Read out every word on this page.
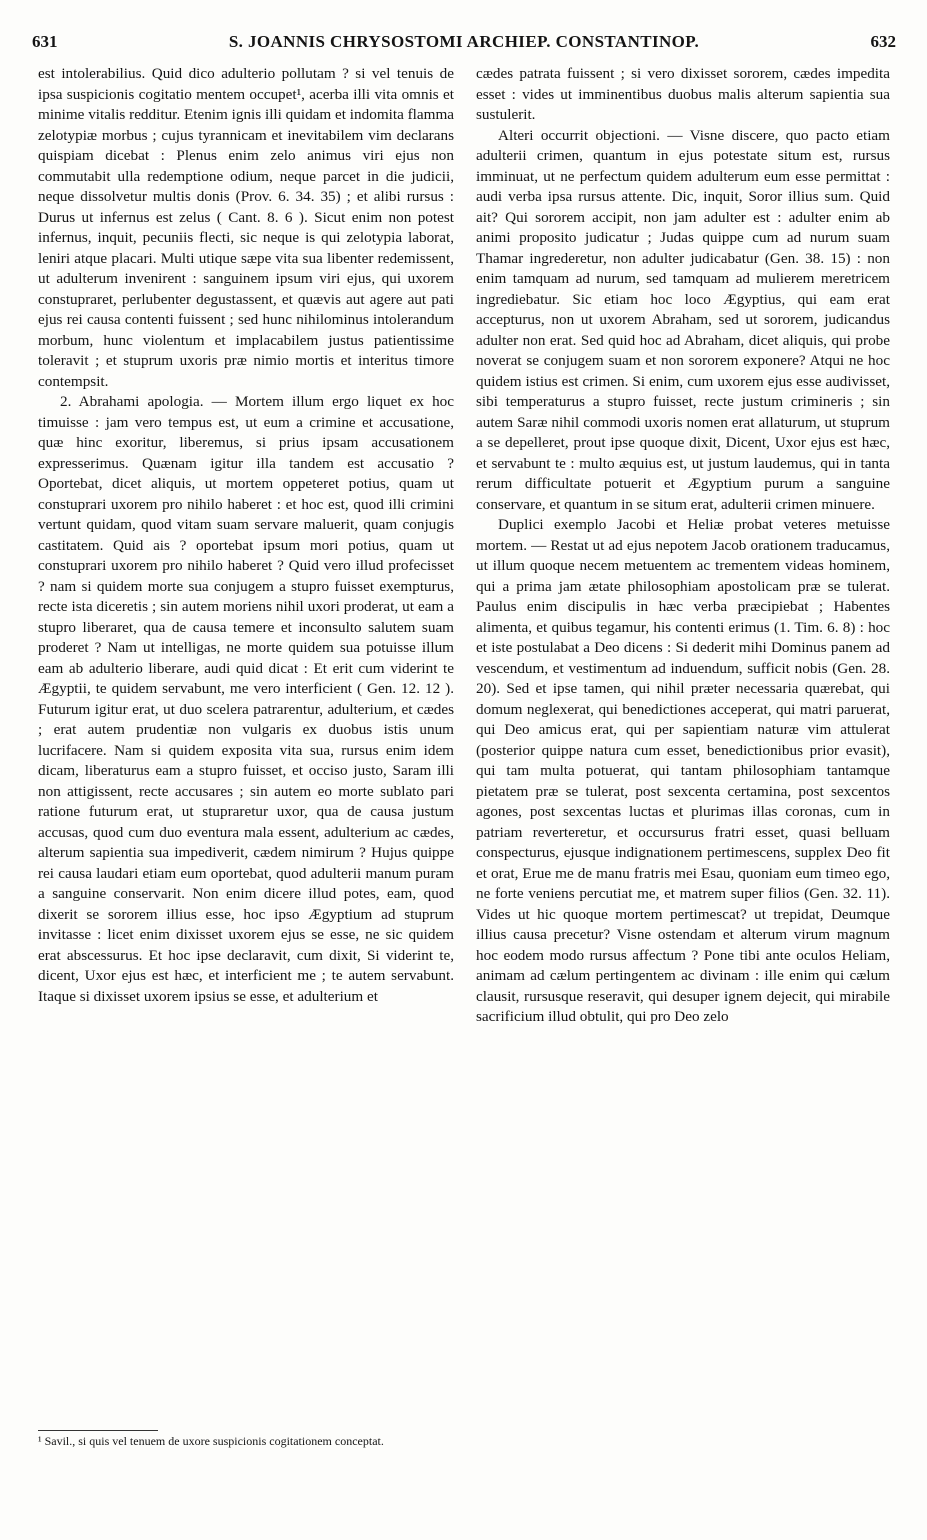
631	S. JOANNIS CHRYSOSTOMI ARCHIEP. CONSTANTINOP.	632

est intolerabilius. Quid dico adulterio pollutam ? si vel tenuis de ipsa suspicionis cogitatio mentem occupet¹, acerba illi vita omnis et minime vitalis redditur. Etenim ignis illi quidam et indomita flamma zelotypiæ morbus ; cujus tyrannicam et inevitabilem vim declarans quispiam dicebat : Plenus enim zelo animus viri ejus non commutabit ulla redemptione odium, neque parcet in die judicii, neque dissolvetur multis donis (Prov. 6. 34. 35) ; et alibi rursus : Durus ut infernus est zelus ( Cant. 8. 6 ). Sicut enim non potest infernus, inquit, pecuniis flecti, sic neque is qui zelotypia laborat, leniri atque placari. Multi utique sæpe vita sua libenter redemissent, ut adulterum invenirent : sanguinem ipsum viri ejus, qui uxorem constupraret, perlubenter degustassent, et quævis aut agere aut pati ejus rei causa contenti fuissent ; sed hunc nihilominus intolerandum morbum, hunc violentum et implacabilem justus patientissime toleravit ; et stuprum uxoris præ nimio mortis et interitus timore contempsit.

2. Abrahami apologia. — Mortem illum ergo liquet ex hoc timuisse : jam vero tempus est, ut eum a crimine et accusatione, quæ hinc exoritur, liberemus, si prius ipsam accusationem expresserimus. Quænam igitur illa tandem est accusatio ? Oportebat, dicet aliquis, ut mortem oppeteret potius, quam ut constuprari uxorem pro nihilo haberet : et hoc est, quod illi crimini vertunt quidam, quod vitam suam servare maluerit, quam conjugis castitatem. Quid ais ? oportebat ipsum mori potius, quam ut constuprari uxorem pro nihilo haberet ? Quid vero illud profecisset ? nam si quidem morte sua conjugem a stupro fuisset exempturus, recte ista diceretis ; sin autem moriens nihil uxori proderat, ut eam a stupro liberaret, qua de causa temere et inconsulto salutem suam proderet ? Nam ut intelligas, ne morte quidem sua potuisse illum eam ab adulterio liberare, audi quid dicat : Et erit cum viderint te Ægyptii, te quidem servabunt, me vero interficient ( Gen. 12. 12 ). Futurum igitur erat, ut duo scelera patrarentur, adulterium, et cædes ; erat autem prudentiæ non vulgaris ex duobus istis unum lucrifacere. Nam si quidem exposita vita sua, rursus enim idem dicam, liberaturus eam a stupro fuisset, et occiso justo, Saram illi non attigissent, recte accusares ; sin autem eo morte sublato pari ratione futurum erat, ut stupraretur uxor, qua de causa justum accusas, quod cum duo eventura mala essent, adulterium ac cædes, alterum sapientia sua impediverit, cædem nimirum ? Hujus quippe rei causa laudari etiam eum oportebat, quod adulterii manum puram a sanguine conservarit. Non enim dicere illud potes, eam, quod dixerit se sororem illius esse, hoc ipso Ægyptium ad stuprum invitasse : licet enim dixisset uxorem ejus se esse, ne sic quidem erat abscessurus. Et hoc ipse declaravit, cum dixit, Si viderint te, dicent, Uxor ejus est hæc, et interficient me ; te autem servabunt. Itaque si dixisset uxorem ipsius se esse, et adulterium et

cædes patrata fuissent ; si vero dixisset sororem, cædes impedita esset : vides ut imminentibus duobus malis alterum sapientia sua sustulerit.

Alteri occurrit objectioni. — Visne discere, quo pacto etiam adulterii crimen, quantum in ejus potestate situm est, rursus imminuat, ut ne perfectum quidem adulterum eum esse permittat : audi verba ipsa rursus attente. Dic, inquit, Soror illius sum. Quid ait? Qui sororem accipit, non jam adulter est : adulter enim ab animi proposito judicatur ; Judas quippe cum ad nurum suam Thamar ingrederetur, non adulter judicabatur (Gen. 38. 15) : non enim tamquam ad nurum, sed tamquam ad mulierem meretricem ingrediebatur. Sic etiam hoc loco Ægyptius, qui eam erat accepturus, non ut uxorem Abraham, sed ut sororem, judicandus adulter non erat. Sed quid hoc ad Abraham, dicet aliquis, qui probe noverat se conjugem suam et non sororem exponere? Atqui ne hoc quidem istius est crimen. Si enim, cum uxorem ejus esse audivisset, sibi temperaturus a stupro fuisset, recte justum crimineris ; sin autem Saræ nihil commodi uxoris nomen erat allaturum, ut stuprum a se depelleret, prout ipse quoque dixit, Dicent, Uxor ejus est hæc, et servabunt te : multo æquius est, ut justum laudemus, qui in tanta rerum difficultate potuerit et Ægyptium purum a sanguine conservare, et quantum in se situm erat, adulterii crimen minuere.

Duplici exemplo Jacobi et Heliæ probat veteres metuisse mortem. — Restat ut ad ejus nepotem Jacob orationem traducamus, ut illum quoque necem metuentem ac trementem videas hominem, qui a prima jam ætate philosophiam apostolicam præ se tulerat. Paulus enim discipulis in hæc verba præcipiebat ; Habentes alimenta, et quibus tegamur, his contenti erimus (1. Tim. 6. 8) : hoc et iste postulabat a Deo dicens : Si dederit mihi Dominus panem ad vescendum, et vestimentum ad induendum, sufficit nobis (Gen. 28. 20). Sed et ipse tamen, qui nihil præter necessaria quærebat, qui domum neglexerat, qui benedictiones acceperat, qui matri paruerat, qui Deo amicus erat, qui per sapientiam naturæ vim attulerat (posterior quippe natura cum esset, benedictionibus prior evasit), qui tam multa potuerat, qui tantam philosophiam tantamque pietatem præ se tulerat, post sexcenta certamina, post sexcentos agones, post sexcentas luctas et plurimas illas coronas, cum in patriam reverteretur, et occursurus fratri esset, quasi belluam conspecturus, ejusque indignationem pertimescens, supplex Deo fit et orat, Erue me de manu fratris mei Esau, quoniam eum timeo ego, ne forte veniens percutiat me, et matrem super filios (Gen. 32. 11). Vides ut hic quoque mortem pertimescat? ut trepidat, Deumque illius causa precetur? Visne ostendam et alterum virum magnum hoc eodem modo rursus affectum ? Pone tibi ante oculos Heliam, animam ad cælum pertingentem ac divinam : ille enim qui cælum clausit, rursusque reseravit, qui desuper ignem dejecit, qui mirabile sacrificium illud obtulit, qui pro Deo zelo

¹ Savil., si quis vel tenuem de uxore suspicionis cogitationem conceptat.
